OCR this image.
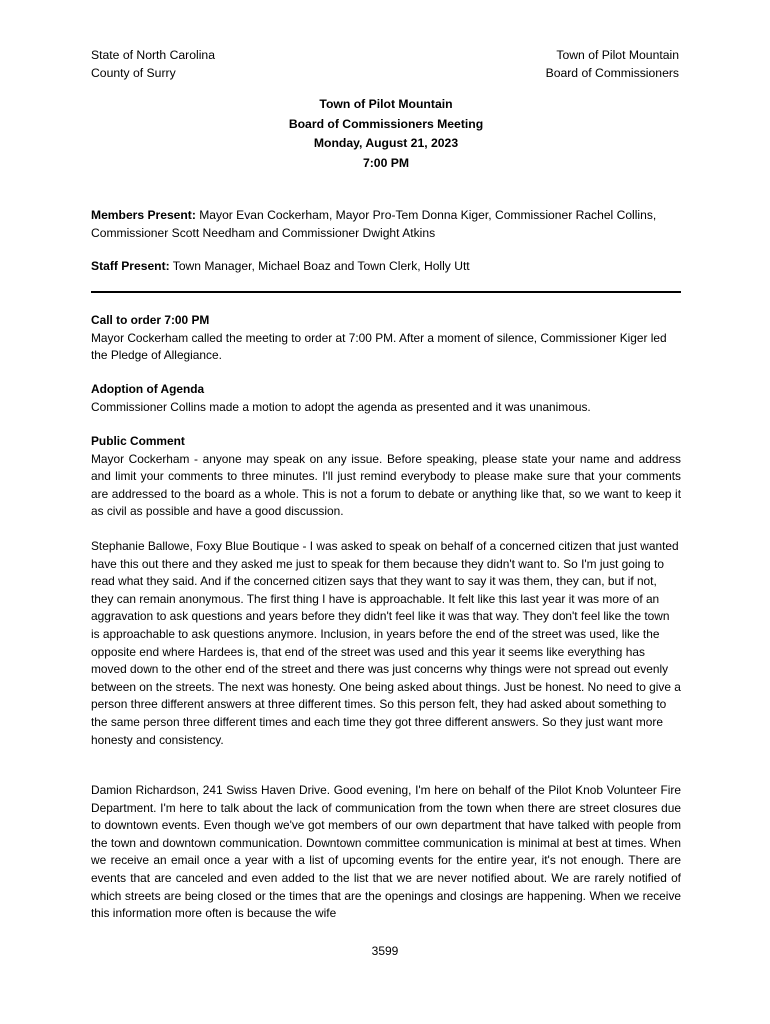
State of North Carolina
County of Surry
Town of Pilot Mountain
Board of Commissioners
Town of Pilot Mountain
Board of Commissioners Meeting
Monday, August 21, 2023
7:00 PM
Members Present: Mayor Evan Cockerham, Mayor Pro-Tem Donna Kiger, Commissioner Rachel Collins, Commissioner Scott Needham and Commissioner Dwight Atkins
Staff Present: Town Manager, Michael Boaz and Town Clerk, Holly Utt

Call to order 7:00 PM

Mayor Cockerham called the meeting to order at 7:00 PM. After a moment of silence, Commissioner Kiger led the Pledge of Allegiance.

Adoption of Agenda

Commissioner Collins made a motion to adopt the agenda as presented and it was unanimous.

Public Comment

Mayor Cockerham - anyone may speak on any issue. Before speaking, please state your name and address and limit your comments to three minutes. I'll just remind everybody to please make sure that your comments are addressed to the board as a whole. This is not a forum to debate or anything like that, so we want to keep it as civil as possible and have a good discussion.

Stephanie Ballowe, Foxy Blue Boutique - I was asked to speak on behalf of a concerned citizen that just wanted have this out there and they asked me just to speak for them because they didn't want to. So I'm just going to read what they said. And if the concerned citizen says that they want to say it was them, they can, but if not, they can remain anonymous. The first thing I have is approachable. It felt like this last year it was more of an aggravation to ask questions and years before they didn't feel like it was that way. They don't feel like the town is approachable to ask questions anymore. Inclusion, in years before the end of the street was used, like the opposite end where Hardees is, that end of the street was used and this year it seems like everything has moved down to the other end of the street and there was just concerns why things were not spread out evenly between on the streets. The next was honesty. One being asked about things. Just be honest. No need to give a person three different answers at three different times. So this person felt, they had asked about something to the same person three different times and each time they got three different answers. So they just want more honesty and consistency.

Damion Richardson, 241 Swiss Haven Drive. Good evening, I'm here on behalf of the Pilot Knob Volunteer Fire Department. I'm here to talk about the lack of communication from the town when there are street closures due to downtown events. Even though we've got members of our own department that have talked with people from the town and downtown communication. Downtown committee communication is minimal at best at times. When we receive an email once a year with a list of upcoming events for the entire year, it's not enough. There are events that are canceled and even added to the list that we are never notified about. We are rarely notified of which streets are being closed or the times that are the openings and closings are happening. When we receive this information more often is because the wife

3599
